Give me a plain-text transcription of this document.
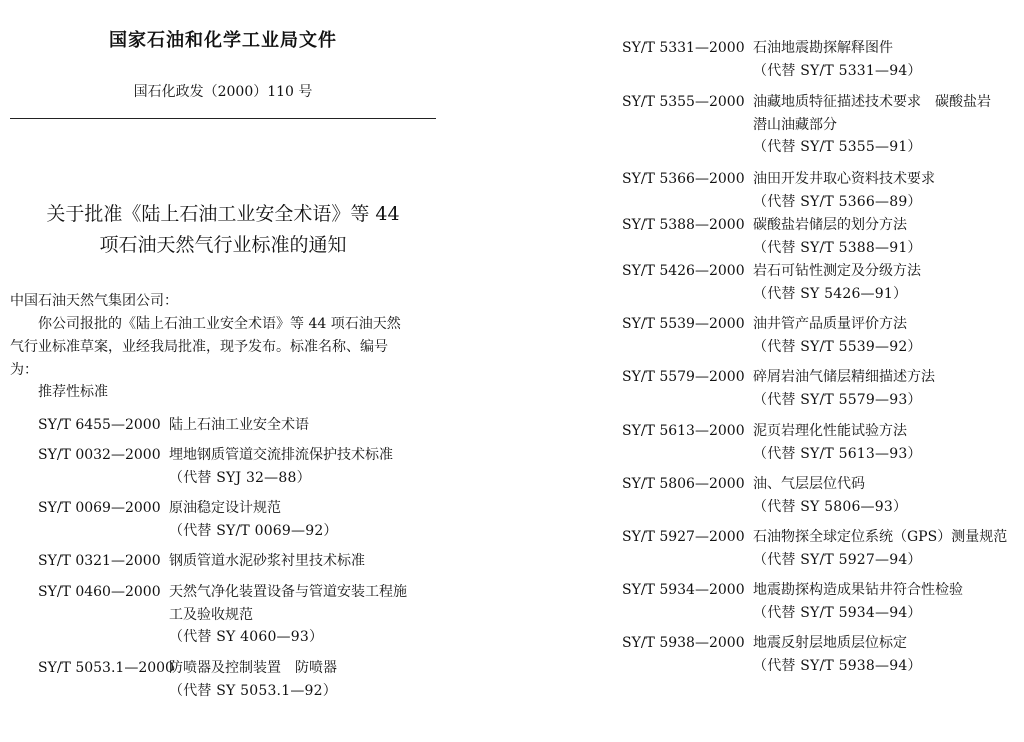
国家石油和化学工业局文件
国石化政发（2000）110 号
关于批准《陆上石油工业安全术语》等 44
项石油天然气行业标准的通知
中国石油天然气集团公司：
你公司报批的《陆上石油工业安全术语》等 44 项石油天然
气行业标准草案，业经我局批准，现予发布。标准名称、编号
为：
推荐性标准
SY/T 6455—2000 陆上石油工业安全术语
SY/T 0032—2000 埋地钢质管道交流排流保护技术标准
（代替 SYJ 32—88）
SY/T 0069—2000 原油稳定设计规范
（代替 SY/T 0069—92）
SY/T 0321—2000 钢质管道水泥砂浆衬里技术标准
SY/T 0460—2000 天然气净化装置设备与管道安装工程施
工及验收规范
（代替 SY 4060—93）
SY/T 5053.1—2000
防喷器及控制装置　防喷器
（代替 SY 5053.1—92）
SY/T 5331—2000 石油地震勘探解释图件
（代替 SY/T 5331—94）
SY/T 5355—2000 油藏地质特征描述技术要求　碳酸盐岩
潜山油藏部分
（代替 SY/T 5355—91）
SY/T 5366—2000 油田开发井取心资料技术要求
（代替 SY/T 5366—89）
SY/T 5388—2000 碳酸盐岩储层的划分方法
（代替 SY/T 5388—91）
SY/T 5426—2000 岩石可钻性测定及分级方法
（代替 SY 5426—91）
SY/T 5539—2000 油井管产品质量评价方法
（代替 SY/T 5539—92）
SY/T 5579—2000 碎屑岩油气储层精细描述方法
（代替 SY/T 5579—93）
SY/T 5613—2000 泥页岩理化性能试验方法
（代替 SY/T 5613—93）
SY/T 5806—2000 油、气层层位代码
（代替 SY 5806—93）
SY/T 5927—2000 石油物探全球定位系统（GPS）测量规范
（代替 SY/T 5927—94）
SY/T 5934—2000 地震勘探构造成果钻井符合性检验
（代替 SY/T 5934—94）
SY/T 5938—2000 地震反射层地质层位标定
（代替 SY/T 5938—94）
